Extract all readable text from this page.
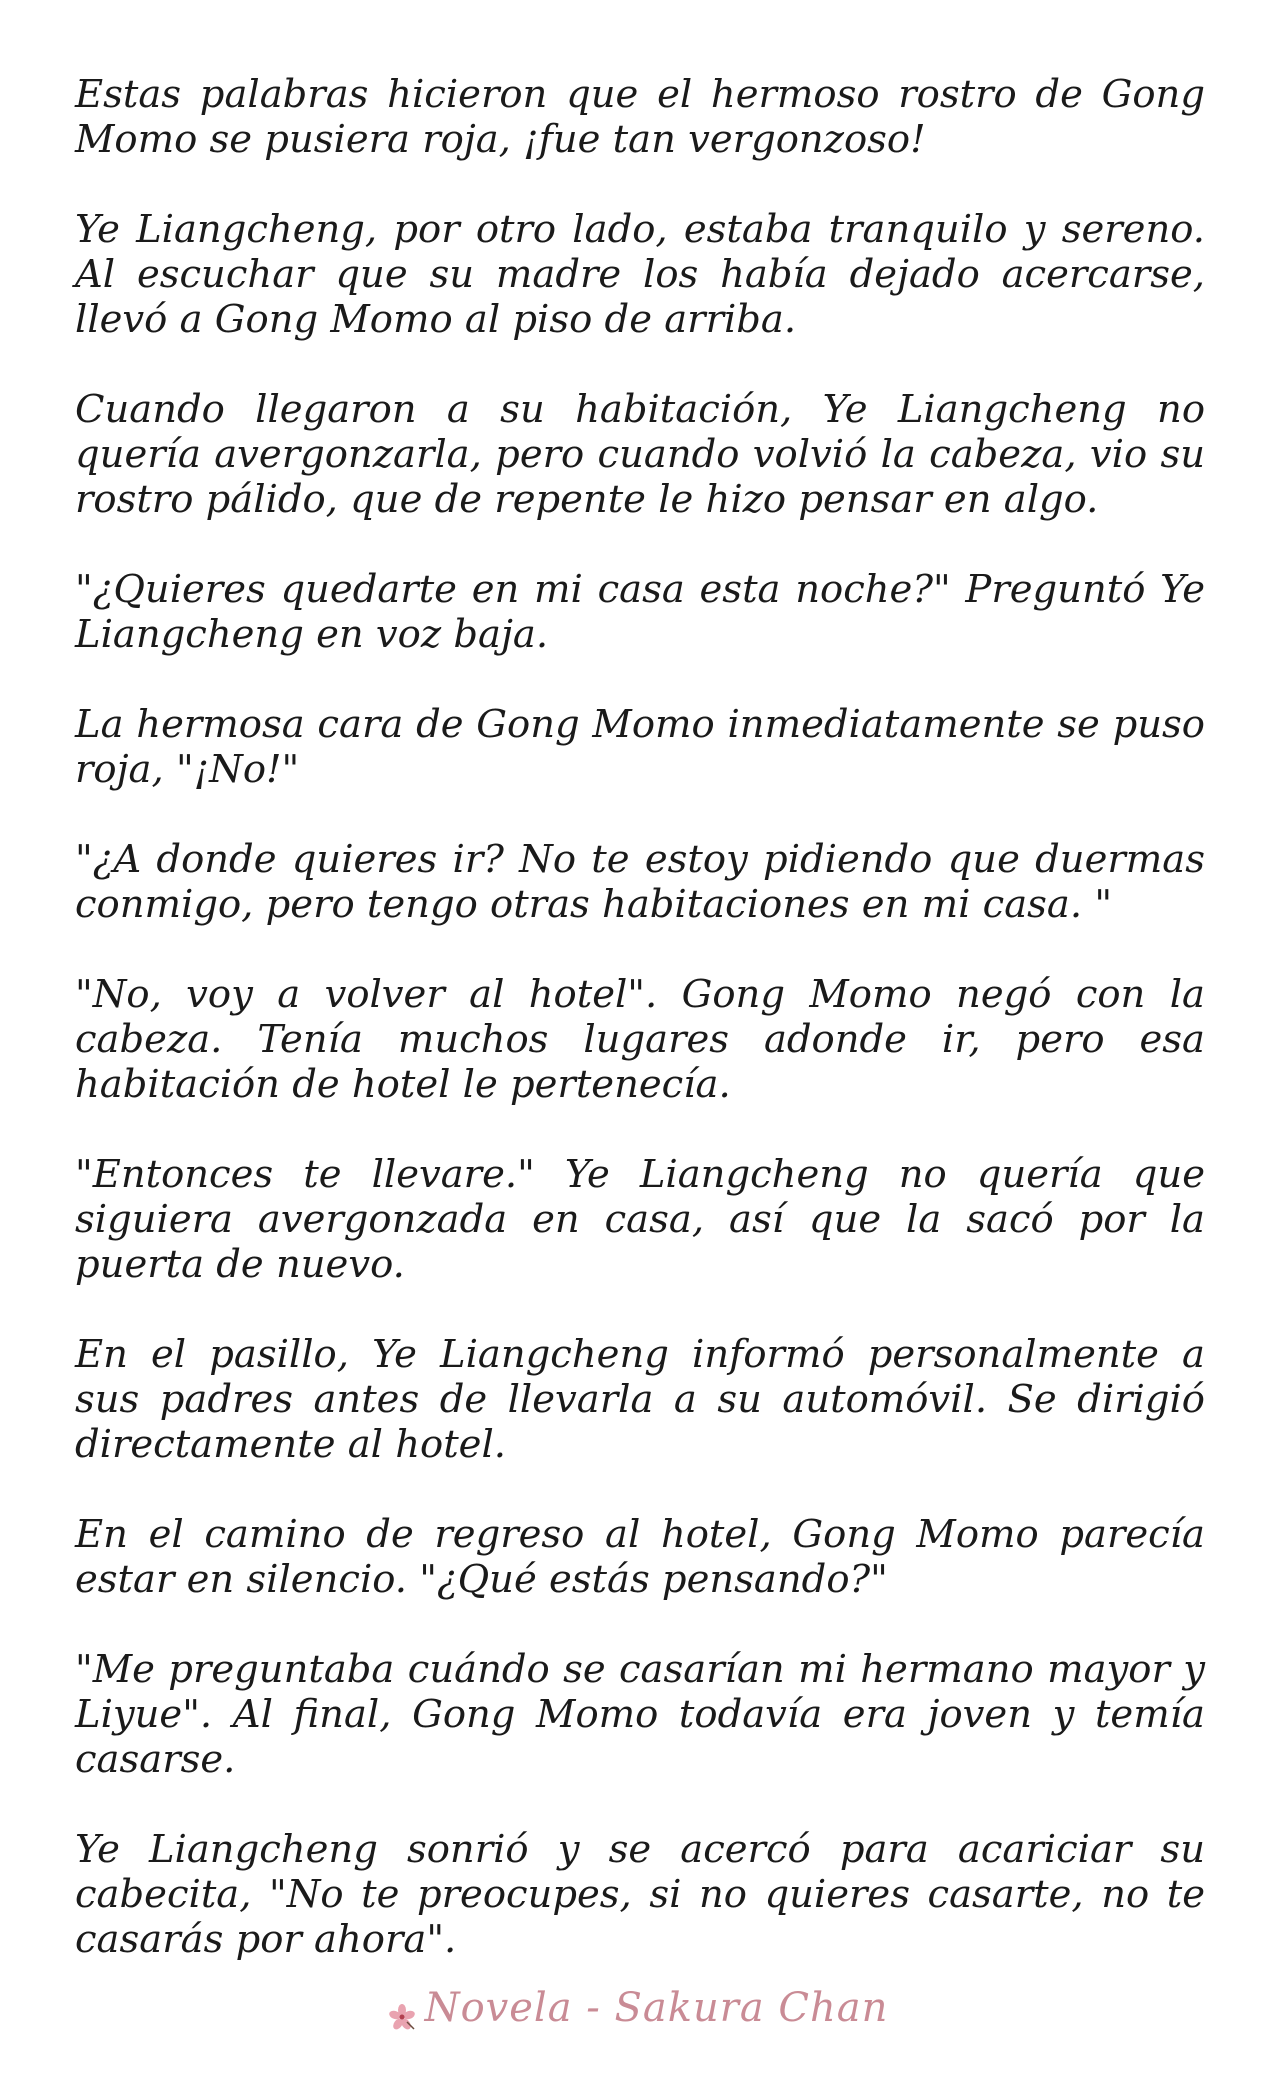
Estas palabras hicieron que el hermoso rostro de Gong Momo se pusiera roja, ¡fue tan vergonzoso!

Ye Liangcheng, por otro lado, estaba tranquilo y sereno. Al escuchar que su madre los había dejado acercarse, llevó a Gong Momo al piso de arriba.

Cuando llegaron a su habitación, Ye Liangcheng no quería avergonzarla, pero cuando volvió la cabeza, vio su rostro pálido, que de repente le hizo pensar en algo.

"¿Quieres quedarte en mi casa esta noche?" Preguntó Ye Liangcheng en voz baja.

La hermosa cara de Gong Momo inmediatamente se puso roja, "¡No!"

"¿A donde quieres ir? No te estoy pidiendo que duermas conmigo, pero tengo otras habitaciones en mi casa. "

"No, voy a volver al hotel". Gong Momo negó con la cabeza. Tenía muchos lugares adonde ir, pero esa habitación de hotel le pertenecía.

"Entonces te llevare." Ye Liangcheng no quería que siguiera avergonzada en casa, así que la sacó por la puerta de nuevo.

En el pasillo, Ye Liangcheng informó personalmente a sus padres antes de llevarla a su automóvil. Se dirigió directamente al hotel.

En el camino de regreso al hotel, Gong Momo parecía estar en silencio. "¿Qué estás pensando?"

"Me preguntaba cuándo se casarían mi hermano mayor y Liyue". Al final, Gong Momo todavía era joven y temía casarse.

Ye Liangcheng sonrió y se acercó para acariciar su cabecita, "No te preocupes, si no quieres casarte, no te casarás por ahora".

Novela - Sakura Chan
